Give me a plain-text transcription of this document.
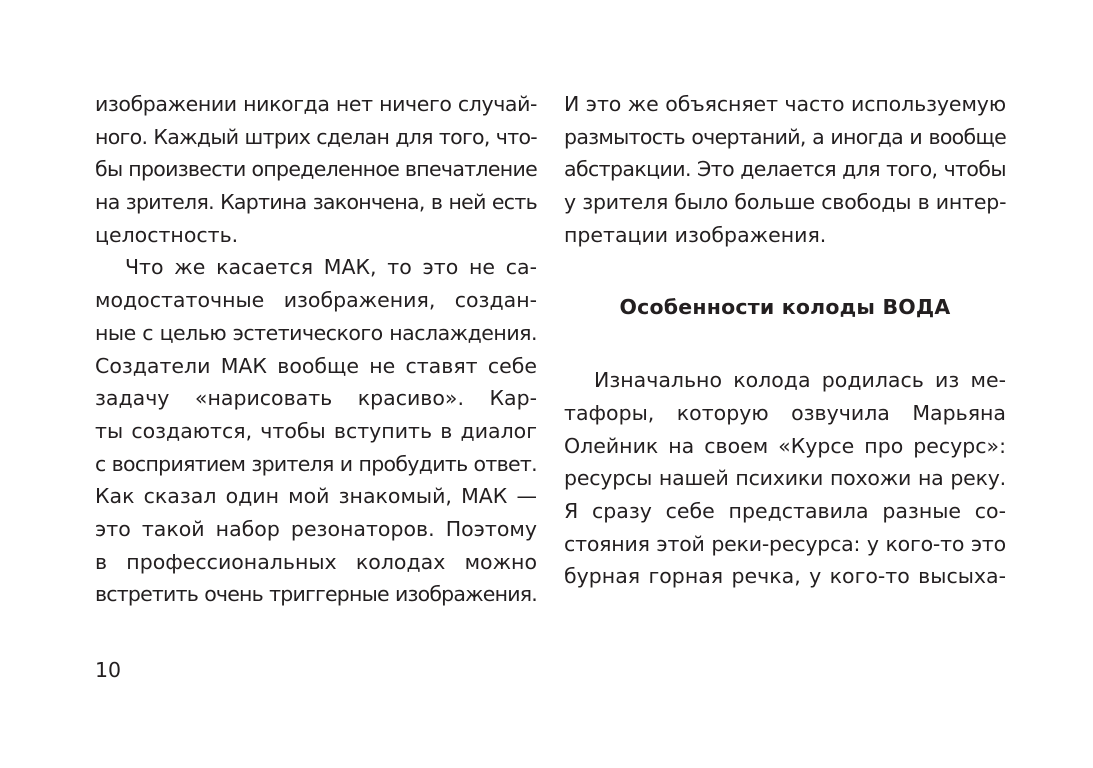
изображении никогда нет ничего случай-
ного. Каждый штрих сделан для того, что-
бы произвести определенное впечатление
на зрителя. Картина закончена, в ней есть
целостность.
Что же касается МАК, то это не са-
модостаточные изображения, создан-
ные с целью эстетического наслаждения.
Создатели МАК вообще не ставят себе
задачу «нарисовать красиво». Кар-
ты создаются, чтобы вступить в диалог
с восприятием зрителя и пробудить ответ.
Как сказал один мой знакомый, МАК —
это такой набор резонаторов. Поэтому
в профессиональных колодах можно
встретить очень триггерные изображения.
И это же объясняет часто используемую
размытость очертаний, а иногда и вообще
абстракции. Это делается для того, чтобы
у зрителя было больше свободы в интер-
претации изображения.
Особенности колоды ВОДА
Изначально колода родилась из ме-
тафоры, которую озвучила Марьяна
Олейник на своем «Курсе про ресурс»:
ресурсы нашей психики похожи на реку.
Я сразу себе представила разные со-
стояния этой реки-ресурса: у кого-то это
бурная горная речка, у кого-то высыха-
10
